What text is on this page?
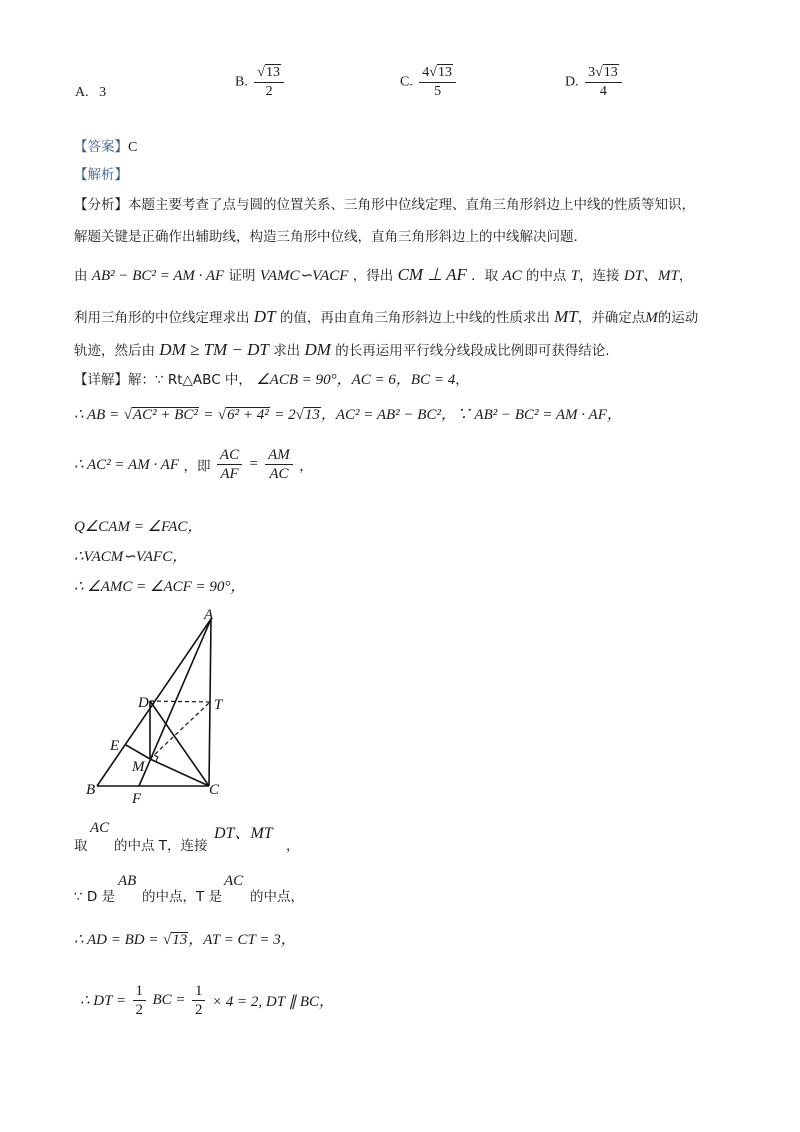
A. 3
B. $\frac{√13}{2}$	C. $\frac{4√13}{5}$	D. $\frac{3√13}{4}$
【答案】C
【解析】
【分析】本题主要考查了点与圆的位置关系、三角形中位线定理、直角三角形斜边上中线的性质等知识，
解题关键是正确作出辅助线，构造三角形中位线，直角三角形斜边上的中线解决问题.
由 AB² − BC² = AM · AF 证明 VAMC∽VACF ，得出 CM ⊥ AF ．取 AC 的中点 T，连接 DT、MT，
利用三角形的中位线定理求出 DT 的值，再由直角三角形斜边上中线的性质求出 MT，并确定点M的运动
轨迹，然后由 DM ≥ TM − DT 求出 DM 的长再运用平行线分线段成比例即可获得结论.
【详解】解：∵ Rt△ABC 中， ∠ACB = 90°，AC = 6，BC = 4，
∴ AB = √AC² + BC² = √6² + 4² = 2√13，AC² = AB² − BC²，∵ AB² − BC² = AM · AF，
∴ AC² = AM · AF ，即 $\frac{AC}{AF} = \frac{AM}{AC}$ ，
Q∠CAM = ∠FAC，
∴VACM∽VAFC，
∴ ∠AMC = ∠ACF = 90°，
A
T
D
E
M
B
F
C
取
AC
的中点 T，连接
DT、MT
，
∵ D 是
AB
的中点，T 是
AC
的中点，
∴ AD = BD = √13，AT = CT = 3，
∴ DT = $\frac{1}{2}$ BC = $\frac{1}{2} \times 4 = 2$, DT ∥ BC，
